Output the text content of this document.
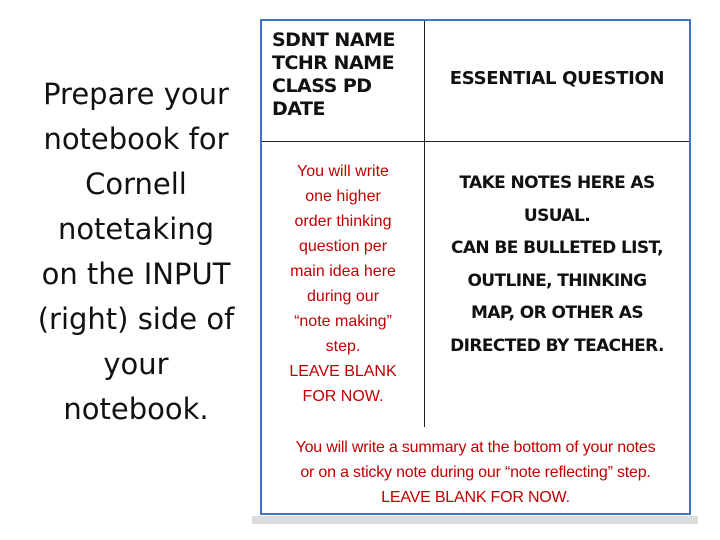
Prepare your
notebook for
Cornell
notetaking
on the INPUT
(right) side of
your
notebook.
SDNT NAME
TCHR NAME
CLASS PD
DATE
ESSENTIAL QUESTION
You will write
one higher
order thinking
question per
main idea here
during our
“note making”
step.
LEAVE BLANK
FOR NOW.
TAKE NOTES HERE AS
USUAL.
CAN BE BULLETED LIST,
OUTLINE, THINKING
MAP, OR OTHER AS
DIRECTED BY TEACHER.
You will write a summary at the bottom of your notes
or on a sticky note during our “note reflecting” step.
LEAVE BLANK FOR NOW.
